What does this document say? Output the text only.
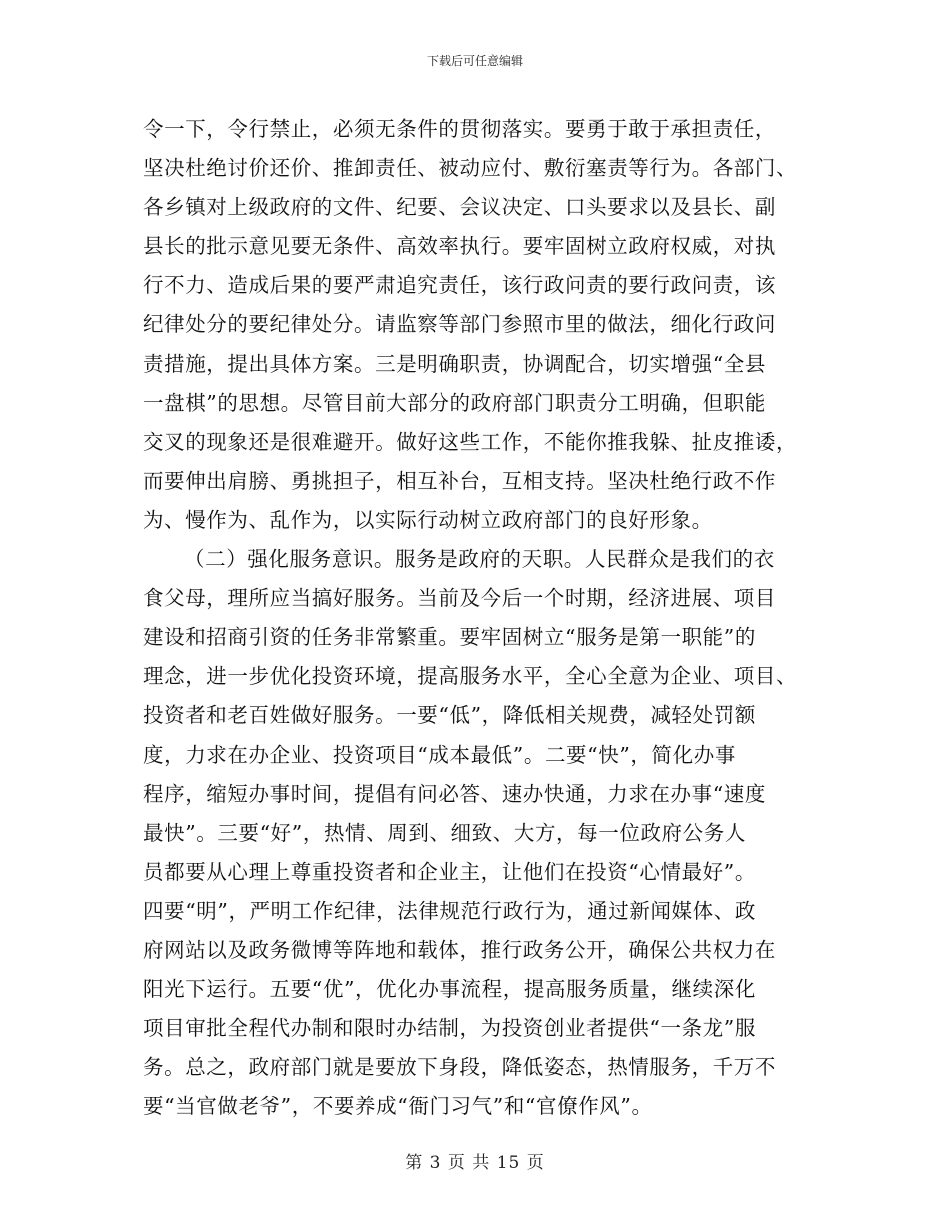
下载后可任意编辑
令一下，令行禁止，必须无条件的贯彻落实。要勇于敢于承担责任，
坚决杜绝讨价还价、推卸责任、被动应付、敷衍塞责等行为。各部门、
各乡镇对上级政府的文件、纪要、会议决定、口头要求以及县长、副
县长的批示意见要无条件、高效率执行。要牢固树立政府权威，对执
行不力、造成后果的要严肃追究责任，该行政问责的要行政问责，该
纪律处分的要纪律处分。请监察等部门参照市里的做法，细化行政问
责措施，提出具体方案。三是明确职责，协调配合，切实增强“全县
一盘棋”的思想。尽管目前大部分的政府部门职责分工明确，但职能
交叉的现象还是很难避开。做好这些工作，不能你推我躲、扯皮推诿，
而要伸出肩膀、勇挑担子，相互补台，互相支持。坚决杜绝行政不作
为、慢作为、乱作为，以实际行动树立政府部门的良好形象。
（二）强化服务意识。服务是政府的天职。人民群众是我们的衣
食父母，理所应当搞好服务。当前及今后一个时期，经济进展、项目
建设和招商引资的任务非常繁重。要牢固树立“服务是第一职能”的
理念，进一步优化投资环境，提高服务水平，全心全意为企业、项目、
投资者和老百姓做好服务。一要“低”，降低相关规费，减轻处罚额
度，力求在办企业、投资项目“成本最低”。二要“快”，简化办事
程序，缩短办事时间，提倡有问必答、速办快通，力求在办事“速度
最快”。三要“好”，热情、周到、细致、大方，每一位政府公务人
员都要从心理上尊重投资者和企业主，让他们在投资“心情最好”。
四要“明”，严明工作纪律，法律规范行政行为，通过新闻媒体、政
府网站以及政务微博等阵地和载体，推行政务公开，确保公共权力在
阳光下运行。五要“优”，优化办事流程，提高服务质量，继续深化
项目审批全程代办制和限时办结制，为投资创业者提供“一条龙”服
务。总之，政府部门就是要放下身段，降低姿态，热情服务，千万不
要“当官做老爷”，不要养成“衙门习气”和“官僚作风”。
第 3 页 共 15 页
